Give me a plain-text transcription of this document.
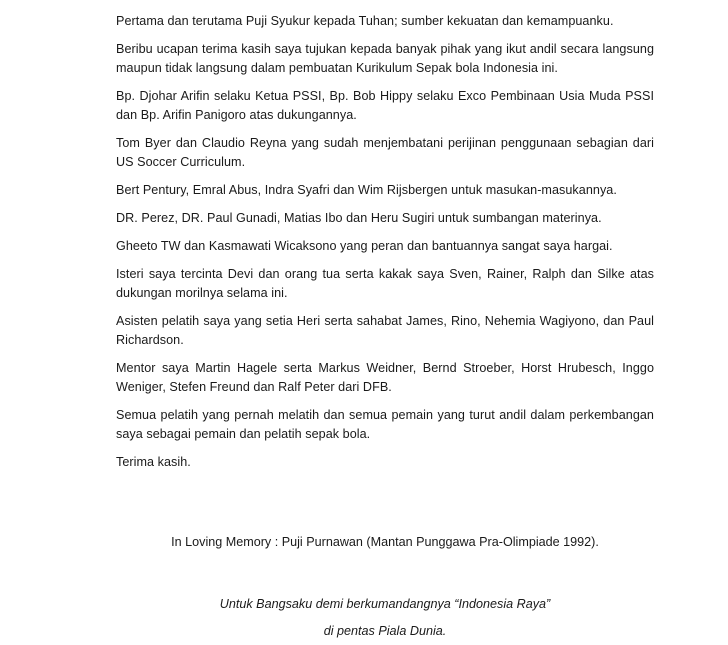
Pertama dan terutama Puji Syukur kepada Tuhan; sumber kekuatan dan kemampuanku.

Beribu ucapan terima kasih saya tujukan kepada banyak pihak yang ikut andil secara langsung maupun tidak langsung dalam pembuatan Kurikulum Sepak bola Indonesia ini.

Bp. Djohar Arifin selaku Ketua PSSI, Bp. Bob Hippy selaku Exco Pembinaan Usia Muda PSSI dan Bp. Arifin Panigoro atas dukungannya.

Tom Byer dan Claudio Reyna yang sudah menjembatani perijinan penggunaan sebagian dari US Soccer Curriculum.

Bert Pentury, Emral Abus, Indra Syafri dan Wim Rijsbergen untuk masukan-masukannya.

DR. Perez, DR. Paul Gunadi, Matias Ibo dan Heru Sugiri untuk sumbangan materinya.

Gheeto TW dan Kasmawati Wicaksono yang peran dan bantuannya sangat saya hargai.

Isteri saya tercinta Devi dan orang tua serta kakak saya Sven, Rainer, Ralph dan Silke atas dukungan morilnya selama ini.

Asisten pelatih saya yang setia Heri serta sahabat James, Rino, Nehemia Wagiyono, dan Paul Richardson.

Mentor saya Martin Hagele serta Markus Weidner, Bernd Stroeber, Horst Hrubesch, Inggo Weniger, Stefen Freund dan Ralf Peter dari DFB.

Semua pelatih yang pernah melatih dan semua pemain yang turut andil dalam perkembangan saya sebagai pemain dan pelatih sepak bola.

Terima kasih.

In Loving Memory : Puji Purnawan (Mantan Punggawa Pra-Olimpiade 1992).
Untuk Bangsaku demi berkumandangnya “Indonesia Raya”
di pentas Piala Dunia.
